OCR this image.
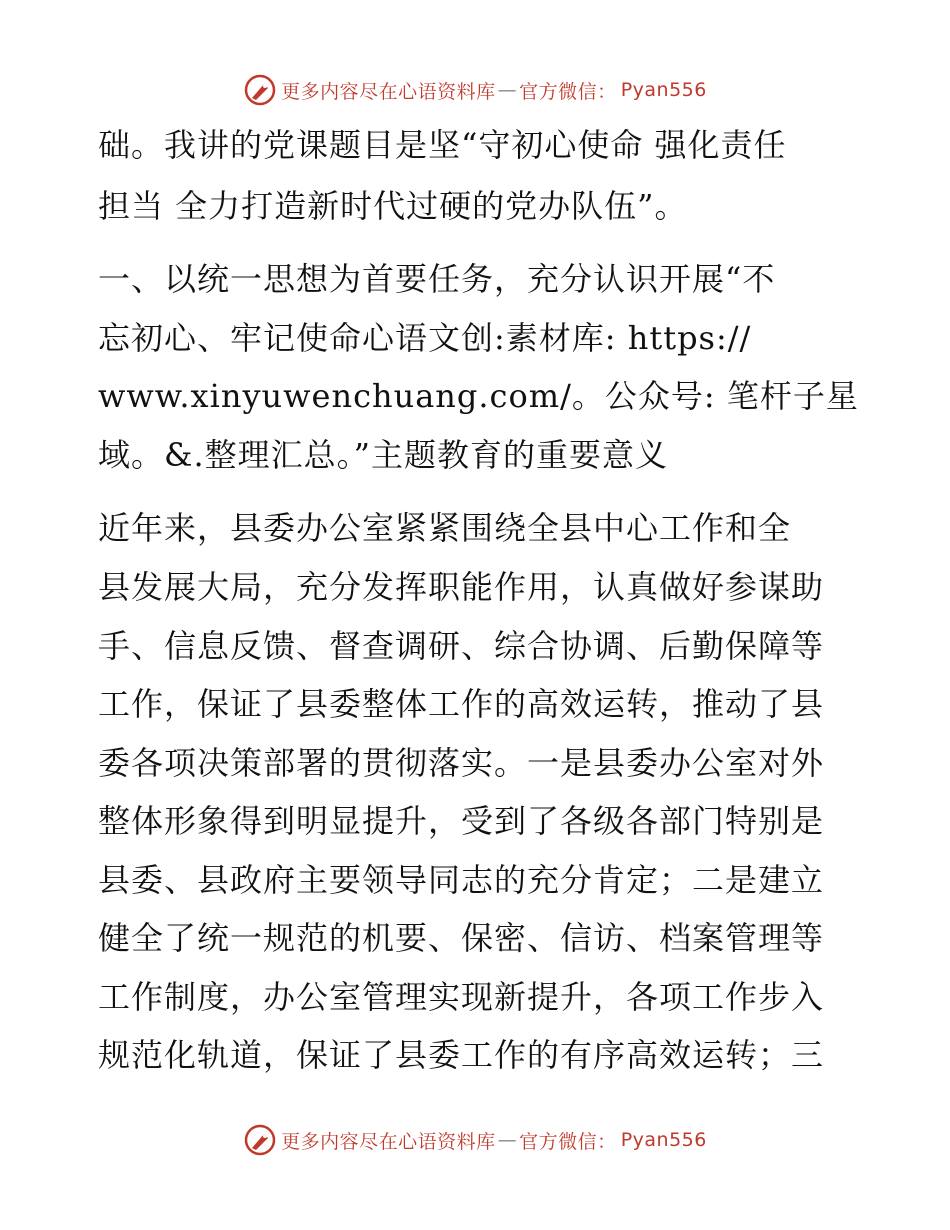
更多内容尽在心语资料库 — 官方微信： Pyan556
础。我讲的党课题目是坚“守初心使命 强化责任
担当 全力打造新时代过硬的党办队伍”。
一、以统一思想为首要任务，充分认识开展“不
忘初心、牢记使命心语文创:素材库: https://
www.xinyuwenchuang.com/。公众号: 笔杆子星
域。&.整理汇总。”主题教育的重要意义
近年来，县委办公室紧紧围绕全县中心工作和全
县发展大局，充分发挥职能作用，认真做好参谋助
手、信息反馈、督查调研、综合协调、后勤保障等
工作，保证了县委整体工作的高效运转，推动了县
委各项决策部署的贯彻落实。一是县委办公室对外
整体形象得到明显提升，受到了各级各部门特别是
县委、县政府主要领导同志的充分肯定；二是建立
健全了统一规范的机要、保密、信访、档案管理等
工作制度，办公室管理实现新提升，各项工作步入
规范化轨道，保证了县委工作的有序高效运转；三
更多内容尽在心语资料库 — 官方微信： Pyan556
